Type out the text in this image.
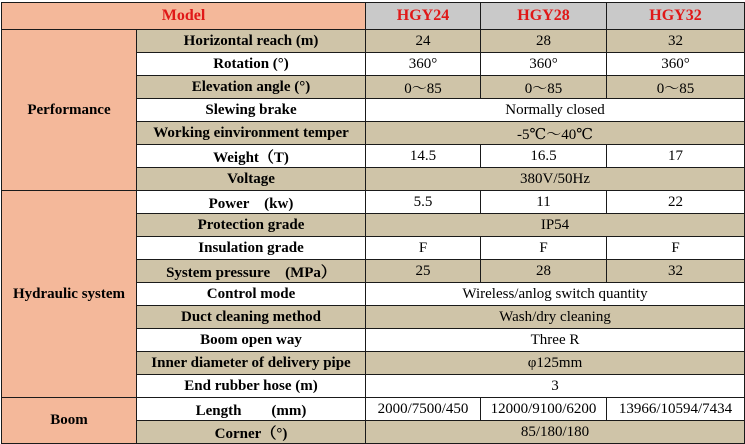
Model		HGY24	HGY28	HGY32
Performance	Horizontal reach (m)	24	28	32
	Rotation (°)	360°	360°	360°
	Elevation angle (°)	0～85	0～85	0～85
	Slewing brake	Normally closed		
	Working einvironment temper	-5℃～40℃		
	Weight（T)	14.5	16.5	17
	Voltage	380V/50Hz		
Hydraulic system	Power　(kw)	5.5	11	22
	Protection grade	IP54		
	Insulation grade	F	F	F
	System pressure　(MPa）	25	28	32
	Control mode	Wireless/anlog switch quantity		
	Duct cleaning method	Wash/dry cleaning		
	Boom open way	Three R		
	Inner diameter of delivery pipe	φ125mm		
	End rubber hose (m)	3		
Boom	Length　　(mm)	2000/7500/450	12000/9100/6200	13966/10594/7434
	Corner（°)	85/180/180		
